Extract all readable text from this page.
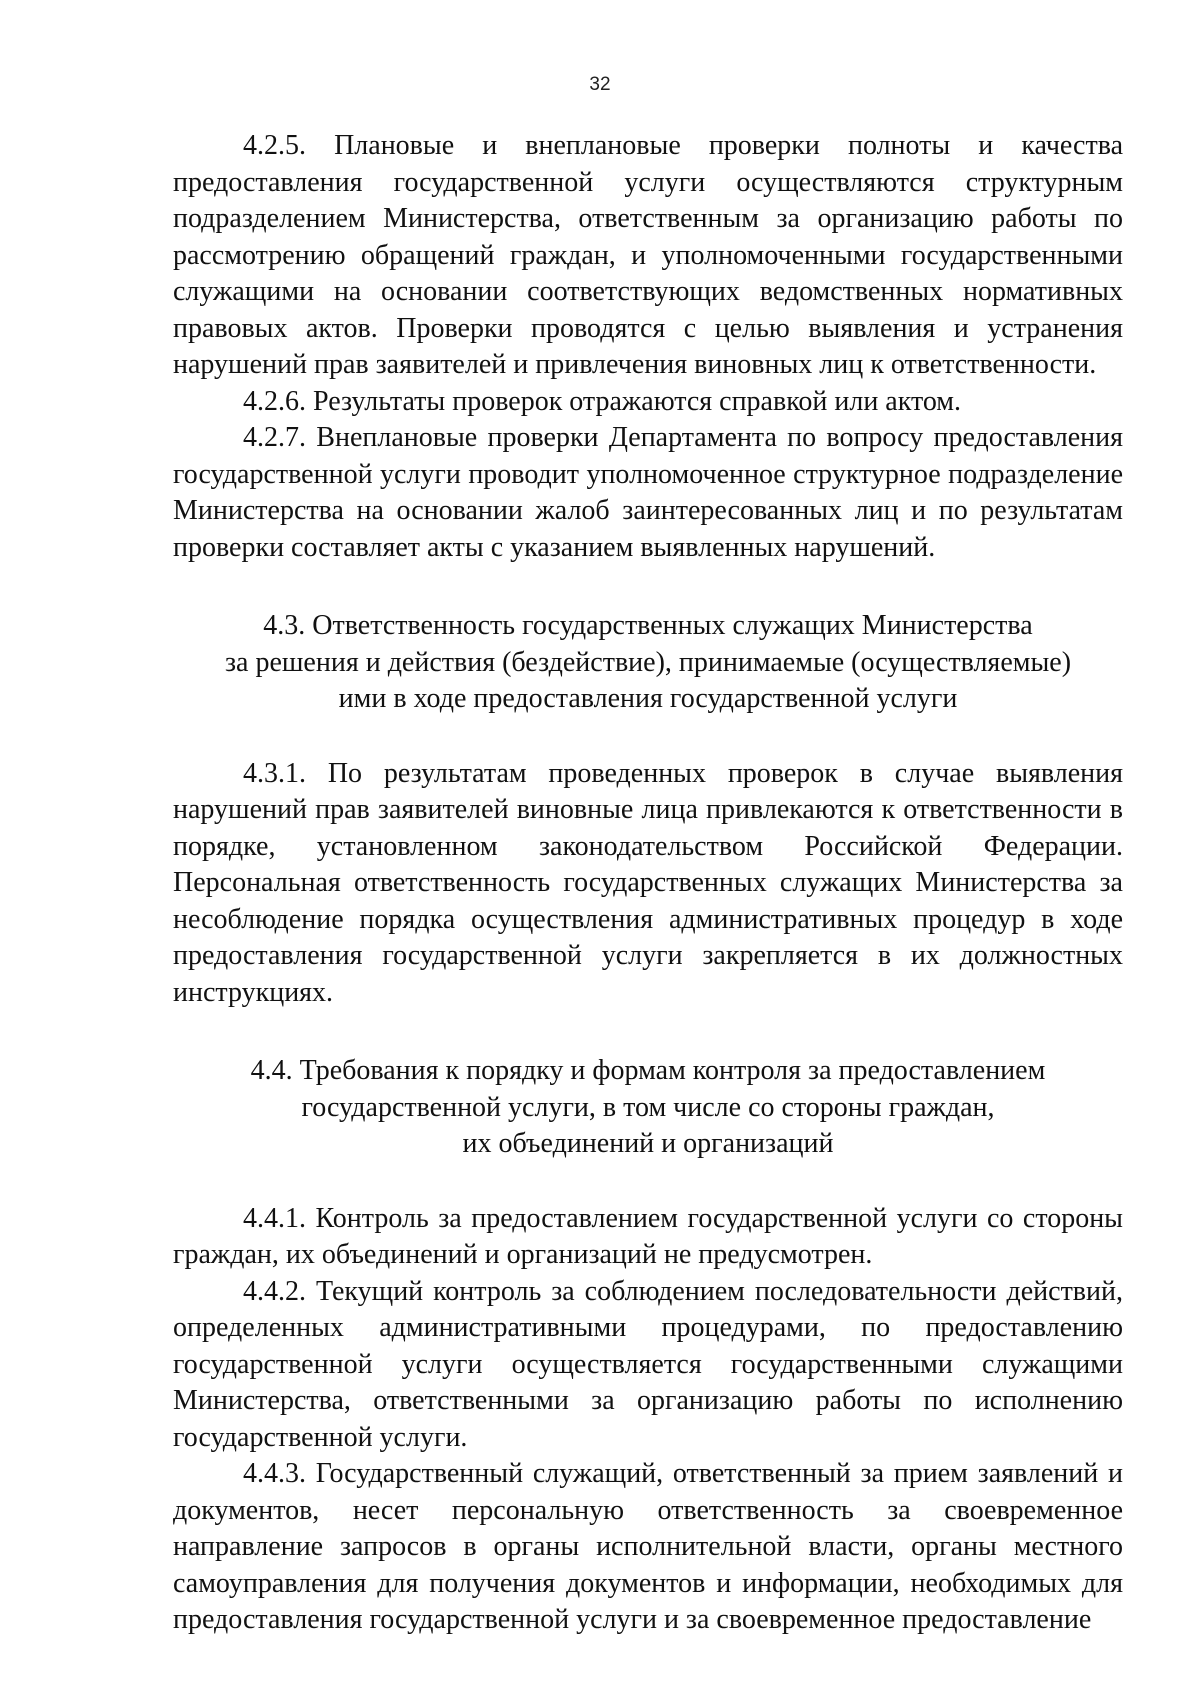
32

4.2.5. Плановые и внеплановые проверки полноты и качества предоставления государственной услуги осуществляются структурным подразделением Министерства, ответственным за организацию работы по рассмотрению обращений граждан, и уполномоченными государственными служащими на основании соответствующих ведомственных нормативных правовых актов. Проверки проводятся с целью выявления и устранения нарушений прав заявителей и привлечения виновных лиц к ответственности.

4.2.6. Результаты проверок отражаются справкой или актом.

4.2.7. Внеплановые проверки Департамента по вопросу предоставления государственной услуги проводит уполномоченное структурное подразделение Министерства на основании жалоб заинтересованных лиц и по результатам проверки составляет акты с указанием выявленных нарушений.

4.3. Ответственность государственных служащих Министерства
за решения и действия (бездействие), принимаемые (осуществляемые)
ими в ходе предоставления государственной услуги

4.3.1. По результатам проведенных проверок в случае выявления нарушений прав заявителей виновные лица привлекаются к ответственности в порядке, установленном законодательством Российской Федерации. Персональная ответственность государственных служащих Министерства за несоблюдение порядка осуществления административных процедур в ходе предоставления государственной услуги закрепляется в их должностных инструкциях.

4.4. Требования к порядку и формам контроля за предоставлением
государственной услуги, в том числе со стороны граждан,
их объединений и организаций

4.4.1. Контроль за предоставлением государственной услуги со стороны граждан, их объединений и организаций не предусмотрен.

4.4.2. Текущий контроль за соблюдением последовательности действий, определенных административными процедурами, по предоставлению государственной услуги осуществляется государственными служащими Министерства, ответственными за организацию работы по исполнению государственной услуги.

4.4.3. Государственный служащий, ответственный за прием заявлений и документов, несет персональную ответственность за своевременное направление запросов в органы исполнительной власти, органы местного самоуправления для получения документов и информации, необходимых для предоставления государственной услуги и за своевременное предоставление
